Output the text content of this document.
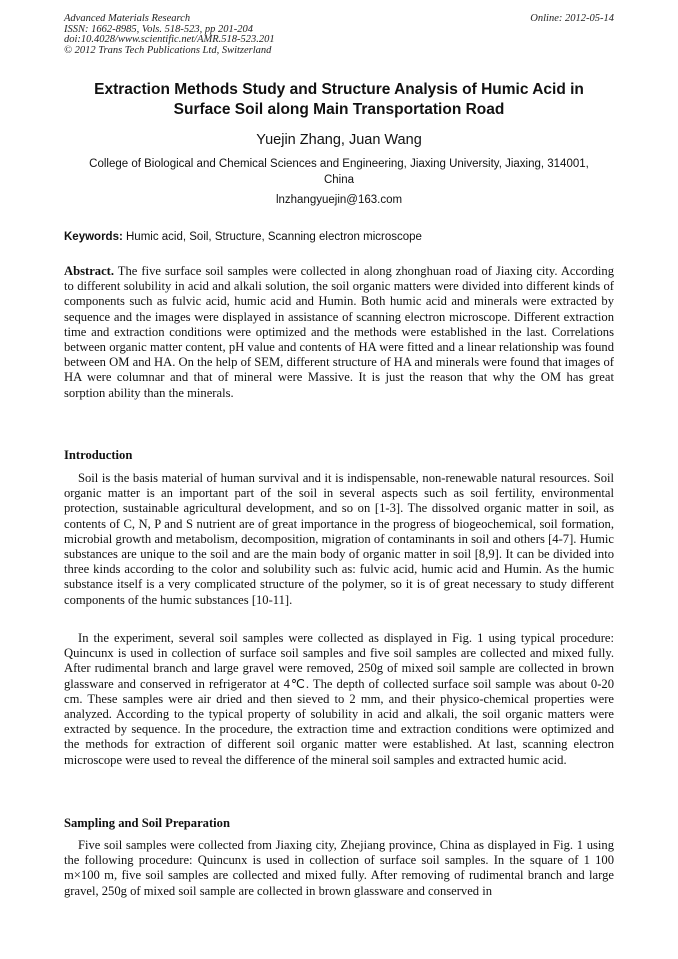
Advanced Materials Research
ISSN: 1662-8985, Vols. 518-523, pp 201-204
doi:10.4028/www.scientific.net/AMR.518-523.201
© 2012 Trans Tech Publications Ltd, Switzerland
Online: 2012-05-14
Extraction Methods Study and Structure Analysis of Humic Acid in
Surface Soil along Main Transportation Road
Yuejin Zhang, Juan Wang
College of Biological and Chemical Sciences and Engineering, Jiaxing University, Jiaxing, 314001,
China
lnzhangyuejin@163.com
Keywords: Humic acid, Soil, Structure, Scanning electron microscope
Abstract. The five surface soil samples were collected in along zhonghuan road of Jiaxing city. According to different solubility in acid and alkali solution, the soil organic matters were divided into different kinds of components such as fulvic acid, humic acid and Humin. Both humic acid and minerals were extracted by sequence and the images were displayed in assistance of scanning electron microscope. Different extraction time and extraction conditions were optimized and the methods were established in the last. Correlations between organic matter content, pH value and contents of HA were fitted and a linear relationship was found between OM and HA. On the help of SEM, different structure of HA and minerals were found that images of HA were columnar and that of mineral were Massive. It is just the reason that why the OM has great sorption ability than the minerals.
Introduction
Soil is the basis material of human survival and it is indispensable, non-renewable natural resources. Soil organic matter is an important part of the soil in several aspects such as soil fertility, environmental protection, sustainable agricultural development, and so on [1-3]. The dissolved organic matter in soil, as contents of C, N, P and S nutrient are of great importance in the progress of biogeochemical, soil formation, microbial growth and metabolism, decomposition, migration of contaminants in soil and others [4-7]. Humic substances are unique to the soil and are the main body of organic matter in soil [8,9]. It can be divided into three kinds according to the color and solubility such as: fulvic acid, humic acid and Humin. As the humic substance itself is a very complicated structure of the polymer, so it is of great necessary to study different components of the humic substances [10-11].
In the experiment, several soil samples were collected as displayed in Fig. 1 using typical procedure: Quincunx is used in collection of surface soil samples and five soil samples are collected and mixed fully. After rudimental branch and large gravel were removed, 250g of mixed soil sample are collected in brown glassware and conserved in refrigerator at 4℃. The depth of collected surface soil sample was about 0-20 cm. These samples were air dried and then sieved to 2 mm, and their physico-chemical properties were analyzed. According to the typical property of solubility in acid and alkali, the soil organic matters were extracted by sequence. In the procedure, the extraction time and extraction conditions were optimized and the methods for extraction of different soil organic matter were established. At last, scanning electron microscope were used to reveal the difference of the mineral soil samples and extracted humic acid.
Sampling and Soil Preparation
Five soil samples were collected from Jiaxing city, Zhejiang province, China as displayed in Fig. 1 using the following procedure: Quincunx is used in collection of surface soil samples. In the square of 1 100 m×100 m, five soil samples are collected and mixed fully. After removing of rudimental branch and large gravel, 250g of mixed soil sample are collected in brown glassware and conserved in
